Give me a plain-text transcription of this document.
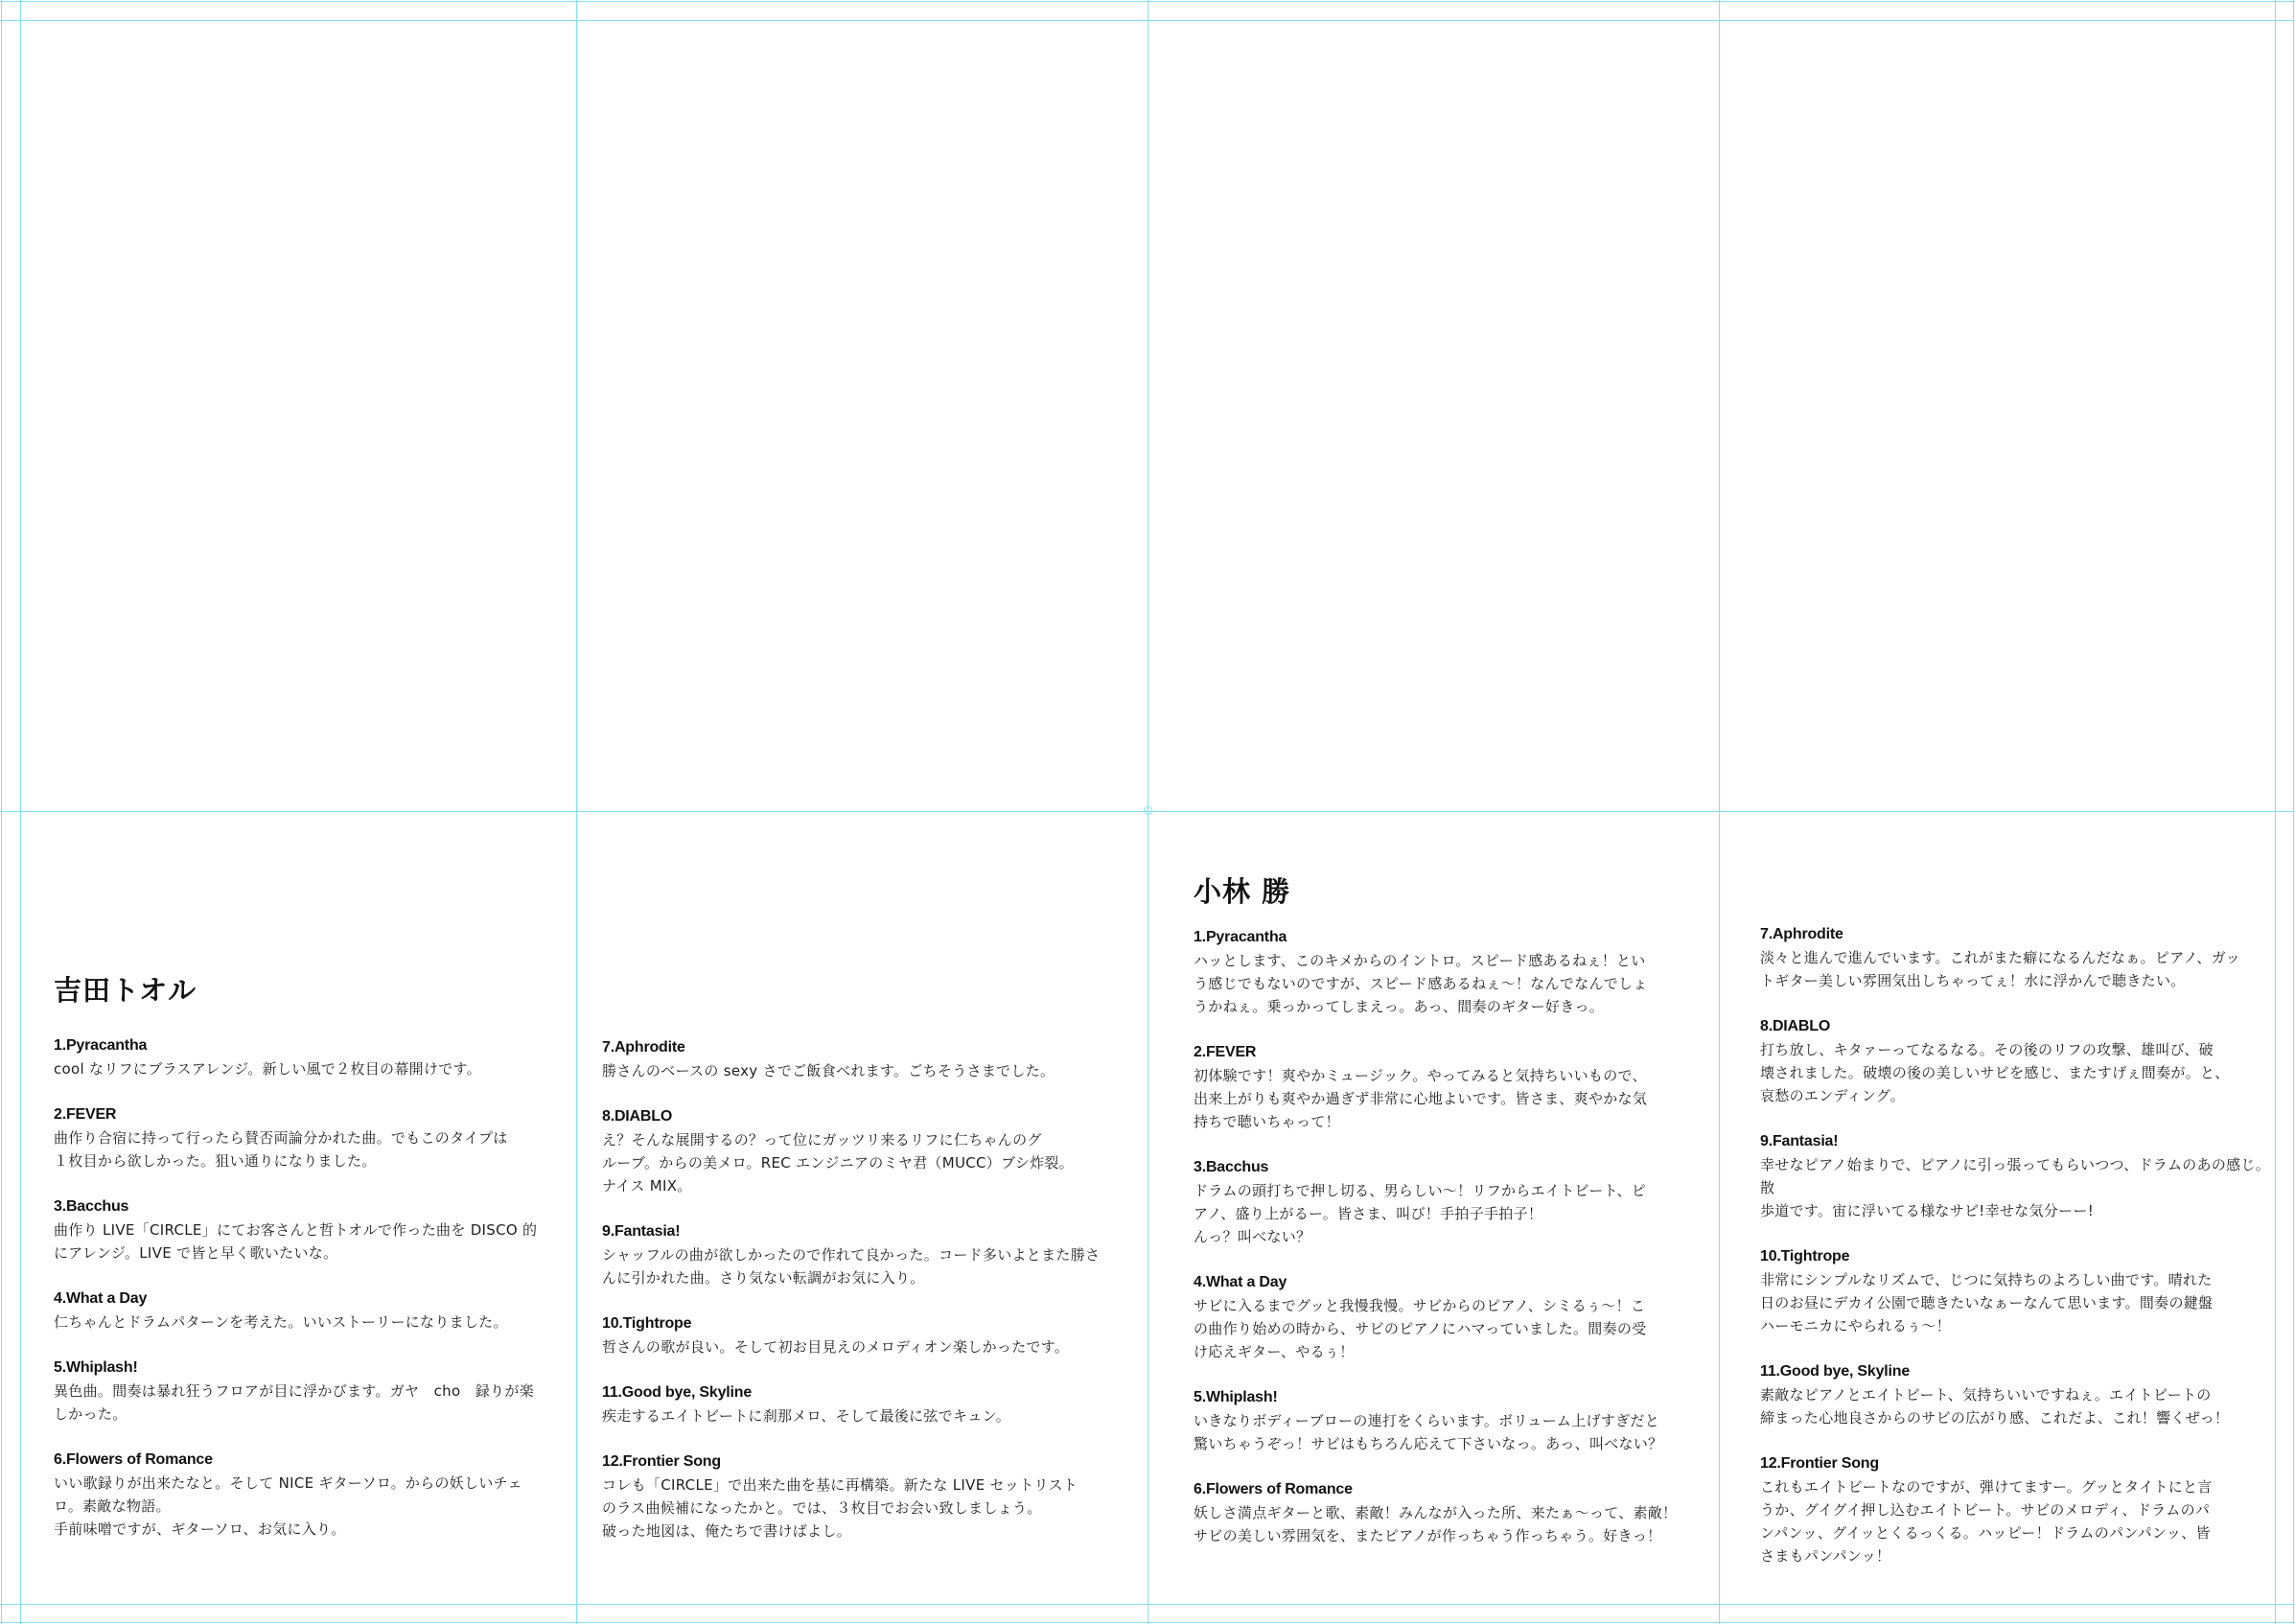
吉田トオル
1.Pyracantha
cool なリフにブラスアレンジ。新しい風で２枚目の幕開けです。
2.FEVER
曲作り合宿に持って行ったら賛否両論分かれた曲。でもこのタイプは
１枚目から欲しかった。狙い通りになりました。
3.Bacchus
曲作り LIVE「CIRCLE」にてお客さんと哲トオルで作った曲を DISCO 的
にアレンジ。LIVE で皆と早く歌いたいな。
4.What a Day
仁ちゃんとドラムパターンを考えた。いいストーリーになりました。
5.Whiplash!
異色曲。間奏は暴れ狂うフロアが目に浮かびます。ガヤ　cho　録りが楽
しかった。
6.Flowers of Romance
いい歌録りが出来たなと。そして NICE ギターソロ。からの妖しいチェ
ロ。素敵な物語。
手前味噌ですが、ギターソロ、お気に入り。
7.Aphrodite
勝さんのベースの sexy さでご飯食べれます。ごちそうさまでした。
8.DIABLO
え？そんな展開するの？って位にガッツリ来るリフに仁ちゃんのグ
ルーブ。からの美メロ。REC エンジニアのミヤ君（MUCC）ブシ炸裂。
ナイス MIX。
9.Fantasia!
シャッフルの曲が欲しかったので作れて良かった。コード多いよとまた勝さ
んに引かれた曲。さり気ない転調がお気に入り。
10.Tightrope
哲さんの歌が良い。そして初お目見えのメロディオン楽しかったです。
11.Good bye, Skyline
疾走するエイトビートに刹那メロ、そして最後に弦でキュン。
12.Frontier Song
コレも「CIRCLE」で出来た曲を基に再構築。新たな LIVE セットリスト
のラス曲候補になったかと。では、３枚目でお会い致しましょう。
破った地図は、俺たちで書けばよし。
小林 勝
1.Pyracantha
ハッとします、このキメからのイントロ。スピード感あるねぇ！とい
う感じでもないのですが、スピード感あるねぇ～！なんでなんでしょ
うかねぇ。乗っかってしまえっ。あっ、間奏のギター好きっ。
2.FEVER
初体験です！爽やかミュージック。やってみると気持ちいいもので、
出来上がりも爽やか過ぎず非常に心地よいです。皆さま、爽やかな気
持ちで聴いちゃって！
3.Bacchus
ドラムの頭打ちで押し切る、男らしい～！リフからエイトビート、ピ
アノ、盛り上がるー。皆さま、叫び！手拍子手拍子！
んっ？叫べない？
4.What a Day
サビに入るまでグッと我慢我慢。サビからのピアノ、シミるぅ～！こ
の曲作り始めの時から、サビのピアノにハマっていました。間奏の受
け応えギター、やるぅ！
5.Whiplash!
いきなりボディーブローの連打をくらいます。ボリューム上げすぎだと
驚いちゃうぞっ！サビはもちろん応えて下さいなっ。あっ、叫べない？
6.Flowers of Romance
妖しさ満点ギターと歌、素敵！みんなが入った所、来たぁ～って、素敵！
サビの美しい雰囲気を、またピアノが作っちゃう作っちゃう。好きっ！
7.Aphrodite
淡々と進んで進んでいます。これがまた癖になるんだなぁ。ピアノ、ガッ
トギター美しい雰囲気出しちゃってぇ！水に浮かんで聴きたい。
8.DIABLO
打ち放し、キタァーってなるなる。その後のリフの攻撃、雄叫び、破
壊されました。破壊の後の美しいサビを感じ、またすげぇ間奏が。と、
哀愁のエンディング。
9.Fantasia!
幸せなピアノ始まりで、ピアノに引っ張ってもらいつつ、ドラムのあの感じ。散
歩道です。宙に浮いてる様なサビ!幸せな気分ーー!
10.Tightrope
非常にシンプルなリズムで、じつに気持ちのよろしい曲です。晴れた
日のお昼にデカイ公園で聴きたいなぁーなんて思います。間奏の鍵盤
ハーモニカにやられるぅ～！
11.Good bye, Skyline
素敵なピアノとエイトビート、気持ちいいですねぇ。エイトビートの
締まった心地良さからのサビの広がり感、これだよ、これ！響くぜっ！
12.Frontier Song
これもエイトビートなのですが、弾けてますー。グッとタイトにと言
うか、グイグイ押し込むエイトビート。サビのメロディ、ドラムのパ
ンパンッ、グイッとくるっくる。ハッピー！ドラムのパンパンッ、皆
さまもパンパンッ！
